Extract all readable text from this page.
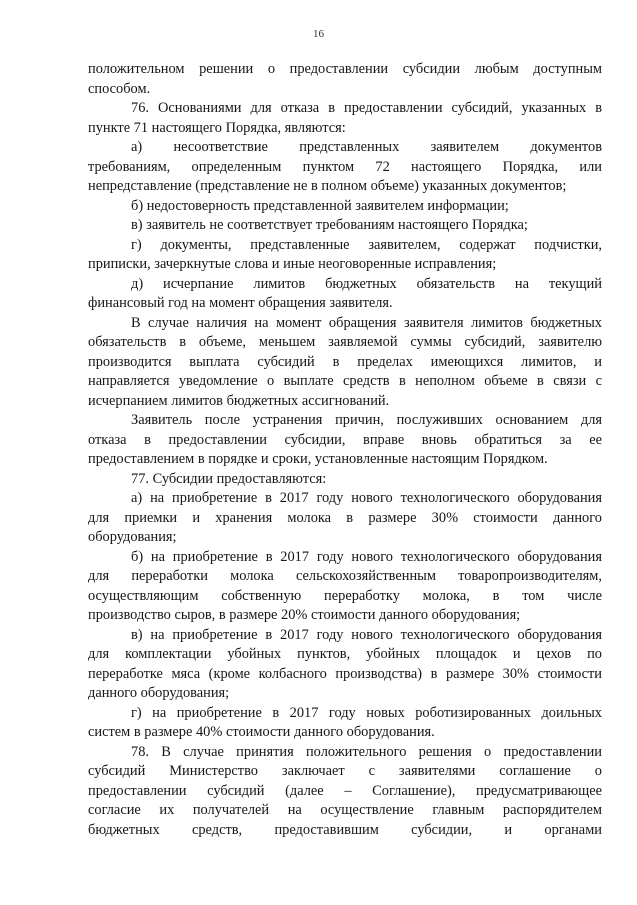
16
положительном решении о предоставлении субсидии любым доступным
способом.
76. Основаниями для отказа в предоставлении субсидий, указанных в
пункте 71 настоящего Порядка, являются:
а) несоответствие представленных заявителем документов
требованиям, определенным пунктом 72 настоящего Порядка, или
непредставление (представление не в полном объеме) указанных документов;
б) недостоверность представленной заявителем информации;
в) заявитель не соответствует требованиям настоящего Порядка;
г) документы, представленные заявителем, содержат подчистки,
приписки, зачеркнутые слова и иные неоговоренные исправления;
д) исчерпание лимитов бюджетных обязательств на текущий
финансовый год на момент обращения заявителя.
В случае наличия на момент обращения заявителя лимитов бюджетных
обязательств в объеме, меньшем заявляемой суммы субсидий, заявителю
производится выплата субсидий в пределах имеющихся лимитов, и
направляется уведомление о выплате средств в неполном объеме в связи с
исчерпанием лимитов бюджетных ассигнований.
Заявитель после устранения причин, послуживших основанием для
отказа в предоставлении субсидии, вправе вновь обратиться за ее
предоставлением в порядке и сроки, установленные настоящим Порядком.
77. Субсидии предоставляются:
а) на приобретение в 2017 году нового технологического оборудования
для приемки и хранения молока в размере 30% стоимости данного
оборудования;
б) на приобретение в 2017 году нового технологического оборудования
для переработки молока сельскохозяйственным товаропроизводителям,
осуществляющим собственную переработку молока, в том числе
производство сыров, в размере 20% стоимости данного оборудования;
в) на приобретение в 2017 году нового технологического оборудования
для комплектации убойных пунктов, убойных площадок и цехов по
переработке мяса (кроме колбасного производства) в размере 30% стоимости
данного оборудования;
г) на приобретение в 2017 году новых роботизированных доильных
систем в размере 40% стоимости данного оборудования.
78. В случае принятия положительного решения о предоставлении
субсидий Министерство заключает с заявителями соглашение о
предоставлении субсидий (далее – Соглашение), предусматривающее
согласие их получателей на осуществление главным распорядителем
бюджетных средств, предоставившим субсидии, и органами
